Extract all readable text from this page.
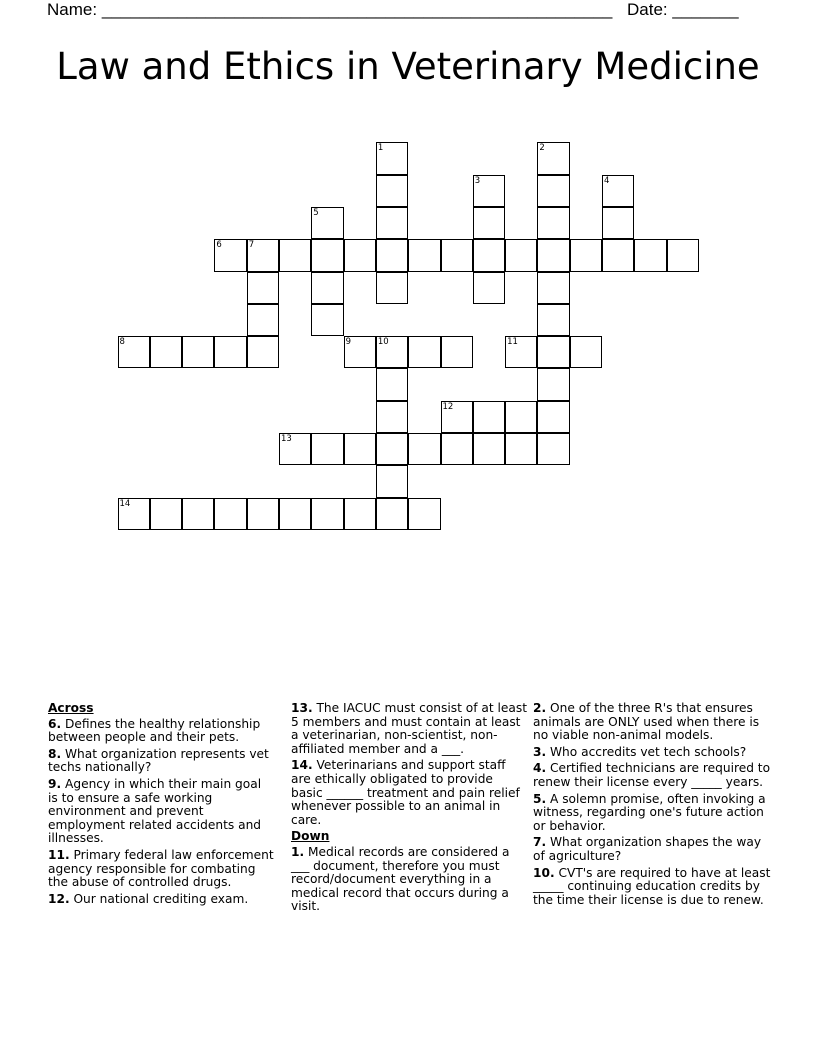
Name: ______________________________________________________ Date: _______
Law and Ethics in Veterinary Medicine
1	2
3	4
5
6	7
8	9	10	11
12
13
14
Across
6. Defines the healthy relationship between people and their pets.
8. What organization represents vet techs nationally?
9. Agency in which their main goal is to ensure a safe working environment and prevent employment related accidents and illnesses.
11. Primary federal law enforcement agency responsible for combating the abuse of controlled drugs.
12. Our national crediting exam.
13. The IACUC must consist of at least 5 members and must contain at least a veterinarian, non-scientist, non-affiliated member and a ___.
14. Veterinarians and support staff are ethically obligated to provide basic ______ treatment and pain relief whenever possible to an animal in care.
Down
1. Medical records are considered a ___ document, therefore you must record/document everything in a medical record that occurs during a visit.
2. One of the three R's that ensures animals are ONLY used when there is no viable non-animal models.
3. Who accredits vet tech schools?
4. Certified technicians are required to renew their license every _____ years.
5. A solemn promise, often invoking a witness, regarding one's future action or behavior.
7. What organization shapes the way of agriculture?
10. CVT's are required to have at least _____ continuing education credits by the time their license is due to renew.
